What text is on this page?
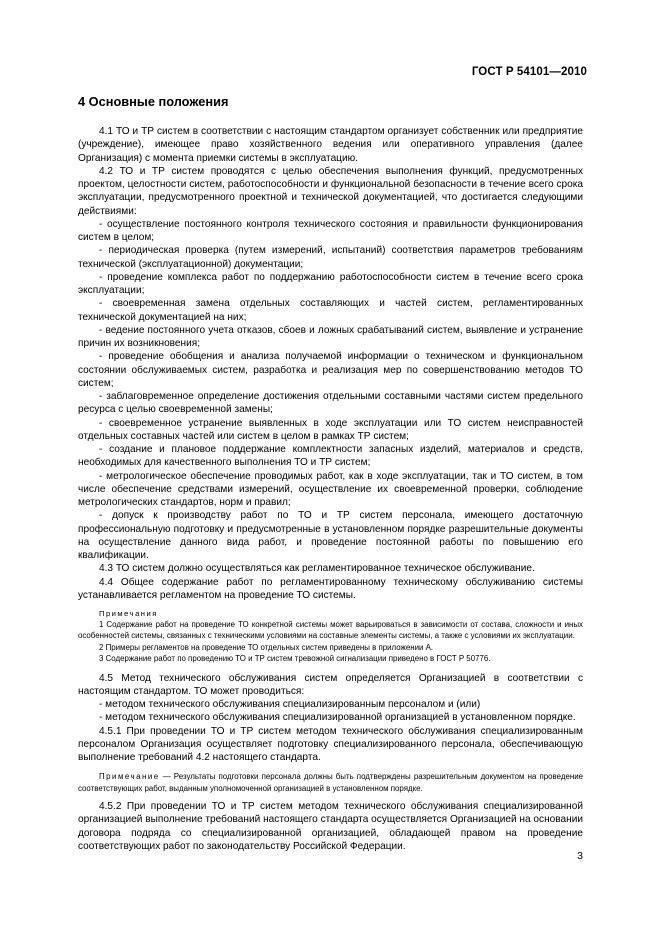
ГОСТ Р 54101—2010
4 Основные положения

4.1 ТО и ТР систем в соответствии с настоящим стандартом организует собственник или предприятие (учреждение), имеющее право хозяйственного ведения или оперативного управления (далее Организация) с момента приемки системы в эксплуатацию.

4.2 ТО и ТР систем проводятся с целью обеспечения выполнения функций, предусмотренных проектом, целостности систем, работоспособности и функциональной безопасности в течение всего срока эксплуатации, предусмотренного проектной и технической документацией, что достигается следующими действиями:

- осуществление постоянного контроля технического состояния и правильности функционирования систем в целом;

- периодическая проверка (путем измерений, испытаний) соответствия параметров требованиям технической (эксплуатационной) документации;

- проведение комплекса работ по поддержанию работоспособности систем в течение всего срока эксплуатации;

- своевременная замена отдельных составляющих и частей систем, регламентированных технической документацией на них;

- ведение постоянного учета отказов, сбоев и ложных срабатываний систем, выявление и устранение причин их возникновения;

- проведение обобщения и анализа получаемой информации о техническом и функциональном состоянии обслуживаемых систем, разработка и реализация мер по совершенствованию методов ТО систем;

- заблаговременное определение достижения отдельными составными частями систем предельного ресурса с целью своевременной замены;

- своевременное устранение выявленных в ходе эксплуатации или ТО систем неисправностей отдельных составных частей или систем в целом в рамках ТР систем;

- создание и плановое поддержание комплектности запасных изделий, материалов и средств, необходимых для качественного выполнения ТО и ТР систем;

- метрологическое обеспечение проводимых работ, как в ходе эксплуатации, так и ТО систем, в том числе обеспечение средствами измерений, осуществление их своевременной проверки, соблюдение метрологических стандартов, норм и правил;

- допуск к производству работ по ТО и ТР систем персонала, имеющего достаточную профессиональную подготовку и предусмотренные в установленном порядке разрешительные документы на осуществление данного вида работ, и проведение постоянной работы по повышению его квалификации.

4.3 ТО систем должно осуществляться как регламентированное техническое обслуживание.

4.4 Общее содержание работ по регламентированному техническому обслуживанию системы устанавливается регламентом на проведение ТО системы.

Примечания

1 Содержание работ на проведение ТО конкретной системы может варьироваться в зависимости от состава, сложности и иных особенностей системы, связанных с техническими условиями на составные элементы системы, а также с условиями их эксплуатации.

2 Примеры регламентов на проведение ТО отдельных систем приведены в приложении А.

3 Содержание работ по проведению ТО и ТР систем тревожной сигнализации приведено в ГОСТ Р 50776.

4.5 Метод технического обслуживания систем определяется Организацией в соответствии с настоящим стандартом. ТО может проводиться:

- методом технического обслуживания специализированным персоналом и (или)

- методом технического обслуживания специализированной организацией в установленном порядке.

4.5.1 При проведении ТО и ТР систем методом технического обслуживания специализированным персоналом Организация осуществляет подготовку специализированного персонала, обеспечивающую выполнение требований 4.2 настоящего стандарта.

Примечание — Результаты подготовки персонала должны быть подтверждены разрешительным документом на проведение соответствующих работ, выданным уполномоченной организацией в установленном порядке.

4.5.2 При проведении ТО и ТР систем методом технического обслуживания специализированной организацией выполнение требований настоящего стандарта осуществляется Организацией на основании договора подряда со специализированной организацией, обладающей правом на проведение соответствующих работ по законодательству Российской Федерации.

3
